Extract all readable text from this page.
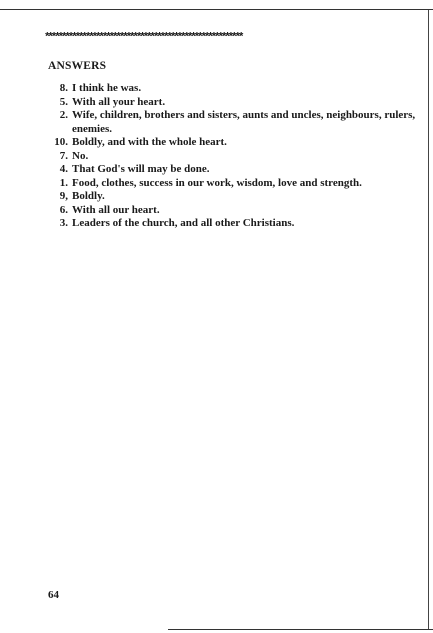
**********************************************************
ANSWERS
8. I think he was.
5. With all your heart.
2. Wife, children, brothers and sisters, aunts and uncles, neighbours, rulers, enemies.
10. Boldly, and with the whole heart.
7. No.
4. That God's will may be done.
1. Food, clothes, success in our work, wisdom, love and strength.
9, Boldly.
6. With all our heart.
3. Leaders of the church, and all other Christians.
64
